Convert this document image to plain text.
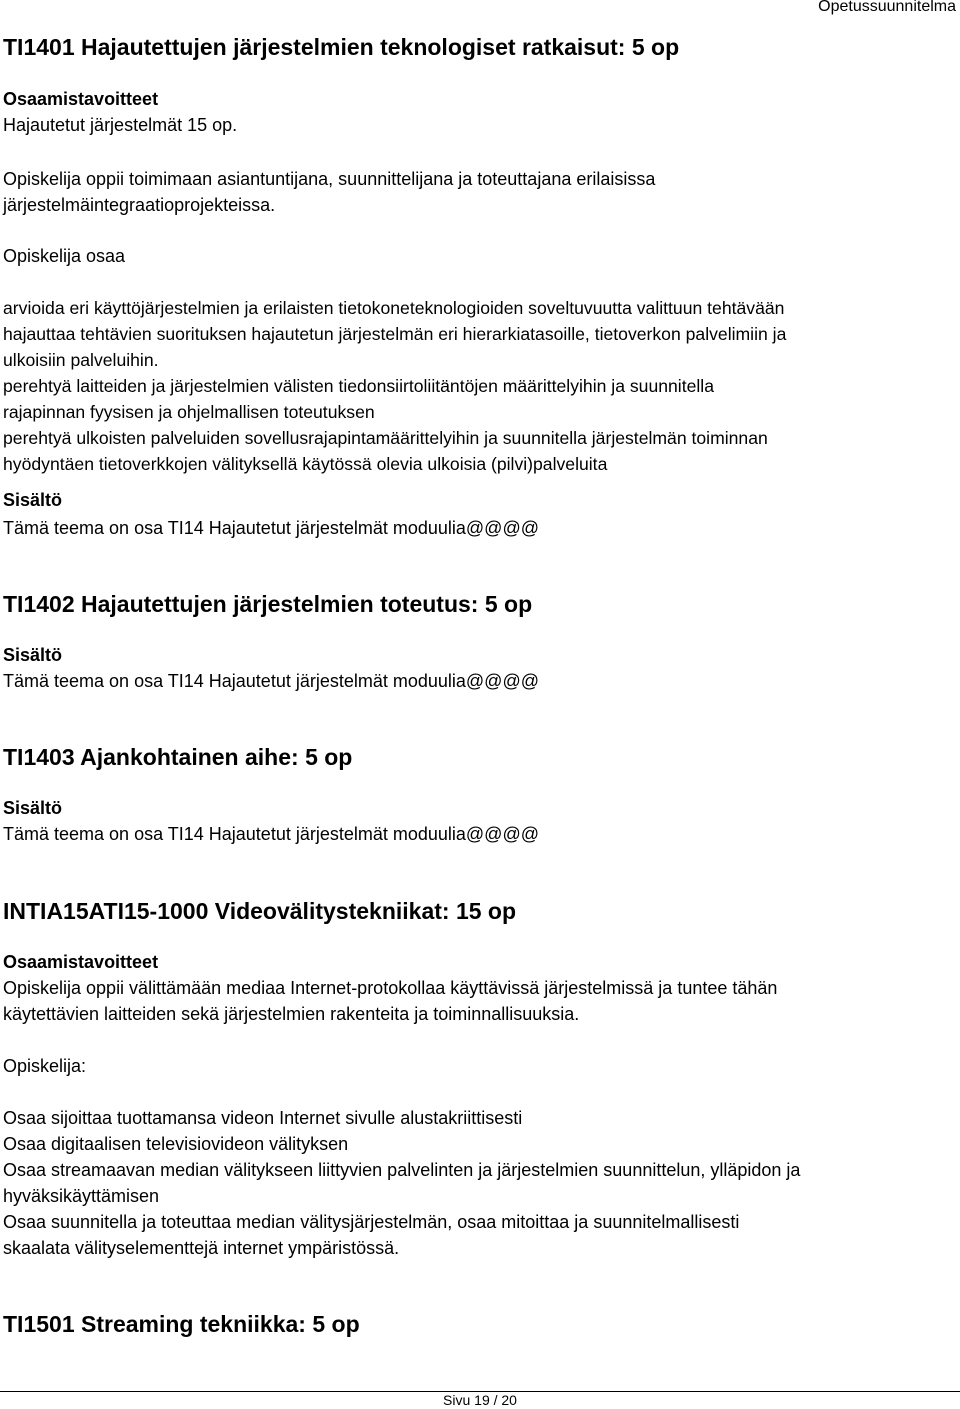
Opetussuunnitelma
TI1401 Hajautettujen järjestelmien teknologiset ratkaisut: 5 op
Osaamistavoitteet
Hajautetut järjestelmät 15 op.
Opiskelija oppii toimimaan asiantuntijana, suunnittelijana ja toteuttajana erilaisissa
järjestelmäintegraatioprojekteissa.
Opiskelija osaa
arvioida eri käyttöjärjestelmien ja erilaisten tietokoneteknologioiden soveltuvuutta valittuun tehtävään
hajauttaa tehtävien suorituksen hajautetun järjestelmän eri hierarkiatasoille, tietoverkon palvelimiin ja
ulkoisiin palveluihin.
perehtyä laitteiden ja järjestelmien välisten tiedonsiirtoliitäntöjen määrittelyihin ja suunnitella
rajapinnan fyysisen ja ohjelmallisen toteutuksen
perehtyä ulkoisten palveluiden sovellusrajapintamäärittelyihin ja suunnitella järjestelmän toiminnan
hyödyntäen tietoverkkojen välityksellä käytössä olevia ulkoisia (pilvi)palveluita
Sisältö
Tämä teema on osa TI14 Hajautetut järjestelmät moduulia@@@@
TI1402 Hajautettujen järjestelmien toteutus: 5 op
Sisältö
Tämä teema on osa TI14 Hajautetut järjestelmät moduulia@@@@
TI1403 Ajankohtainen aihe: 5 op
Sisältö
Tämä teema on osa TI14 Hajautetut järjestelmät moduulia@@@@
INTIA15ATI15-1000 Videovälitystekniikat: 15 op
Osaamistavoitteet
Opiskelija oppii välittämään mediaa Internet-protokollaa käyttävissä järjestelmissä ja tuntee tähän
käytettävien laitteiden sekä järjestelmien rakenteita ja toiminnallisuuksia.
Opiskelija:
Osaa sijoittaa tuottamansa videon Internet sivulle alustakriittisesti
Osaa digitaalisen televisiovideon välityksen
Osaa streamaavan median välitykseen liittyvien palvelinten ja järjestelmien suunnittelun, ylläpidon ja
hyväksikäyttämisen
Osaa suunnitella ja toteuttaa median välitysjärjestelmän, osaa mitoittaa ja suunnitelmallisesti
skaalata välityselementtejä internet ympäristössä.
TI1501 Streaming tekniikka: 5 op
Sivu 19 / 20
